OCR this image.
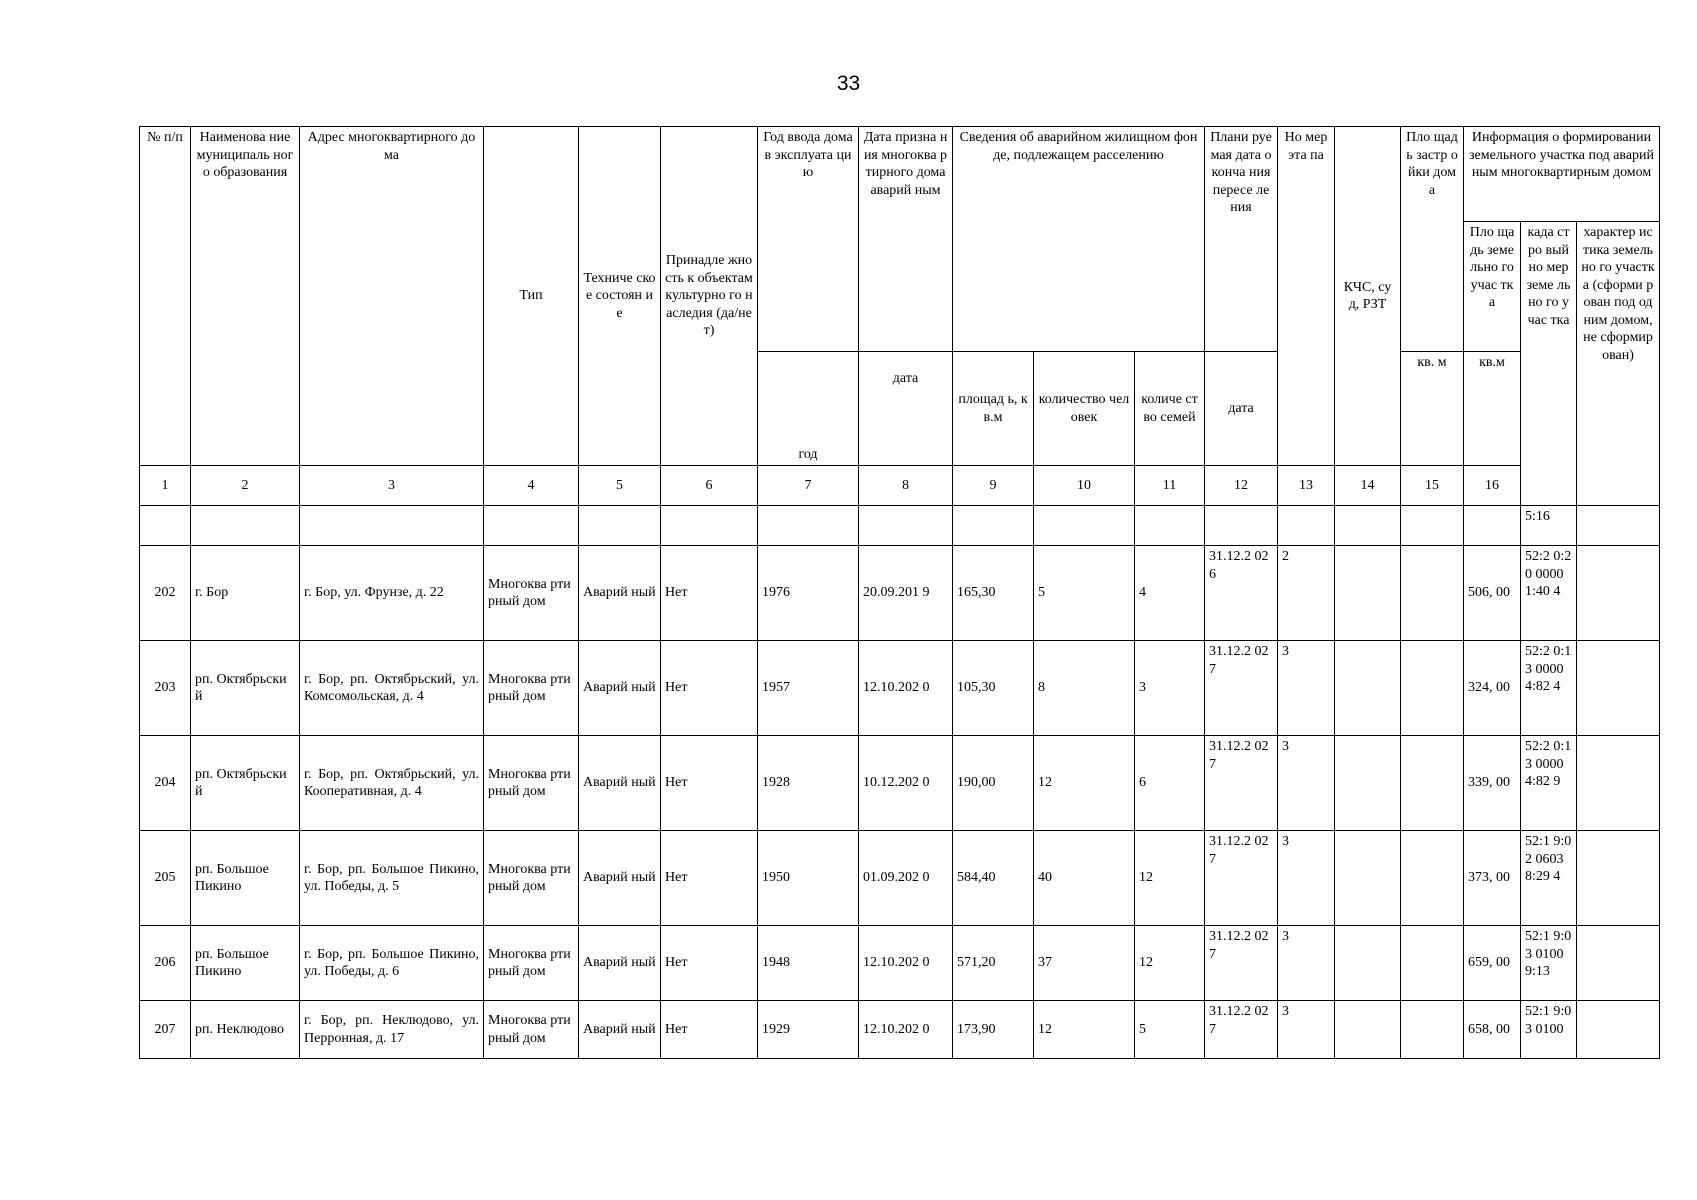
33
№ п/п	Наименова ние муниципаль ного образования	Адрес многоквартирного дома	Тип	Техниче ское состоян ие	Принадле жность к объектам культурно го наследия (да/нет)	Год ввода дома в эксплуата цию	Дата призна ния многоква ртирного дома аварий ным	Сведения об аварийном жилищном фонде, подлежащем расселению			Плани руемая дата оконча ния пересе ления	Но мер эта па	КЧС, суд, РЗТ	Пло щадь застр ойки дома	Информация о формировании земельного участка под аварийным многоквартирным домом			
															Пло щадь земе льно го учас тка	када стро вый но мер земе льно го учас тка	характер истика земельно го участка (сформи рован под одним домом, не сформир ован)	
						год	дата	площад ь, кв.м	количество человек	количе ство семей	дата			кв. м	кв.м			
1	2	3	4	5	6	7	8	9	10	11	12	13	14	15	16		
																5:16		
202	г. Бор	г. Бор, ул. Фрунзе, д. 22	Многоква ртирный дом	Аварий ный	Нет	1976	20.09.201 9	165,30	5	4	31.12.2 026	2			506, 00	52:2 0:20 0000 1:40 4		
203	рп. Октябрьски й	г. Бор, рп. Октябрьский, ул. Комсомольская, д. 4	Многоква ртирный дом	Аварий ный	Нет	1957	12.10.202 0	105,30	8	3	31.12.2 027	3			324, 00	52:2 0:13 0000 4:82 4		
204	рп. Октябрьски й	г. Бор, рп. Октябрьский, ул. Кооперативная, д. 4	Многоква ртирный дом	Аварий ный	Нет	1928	10.12.202 0	190,00	12	6	31.12.2 027	3			339, 00	52:2 0:13 0000 4:82 9		
205	рп. Большое Пикино	г. Бор, рп. Большое Пикино, ул. Победы, д. 5	Многоква ртирный дом	Аварий ный	Нет	1950	01.09.202 0	584,40	40	12	31.12.2 027	3			373, 00	52:1 9:02 0603 8:29 4		
206	рп. Большое Пикино	г. Бор, рп. Большое Пикино, ул. Победы, д. 6	Многоква ртирный дом	Аварий ный	Нет	1948	12.10.202 0	571,20	37	12	31.12.2 027	3			659, 00	52:1 9:03 0100 9:13		
207	рп. Неклюдово	г. Бор, рп. Неклюдово, ул. Перронная, д. 17	Многоква ртирный дом	Аварий ный	Нет	1929	12.10.202 0	173,90	12	5	31.12.2 027	3			658, 00	52:1 9:03 0100		
